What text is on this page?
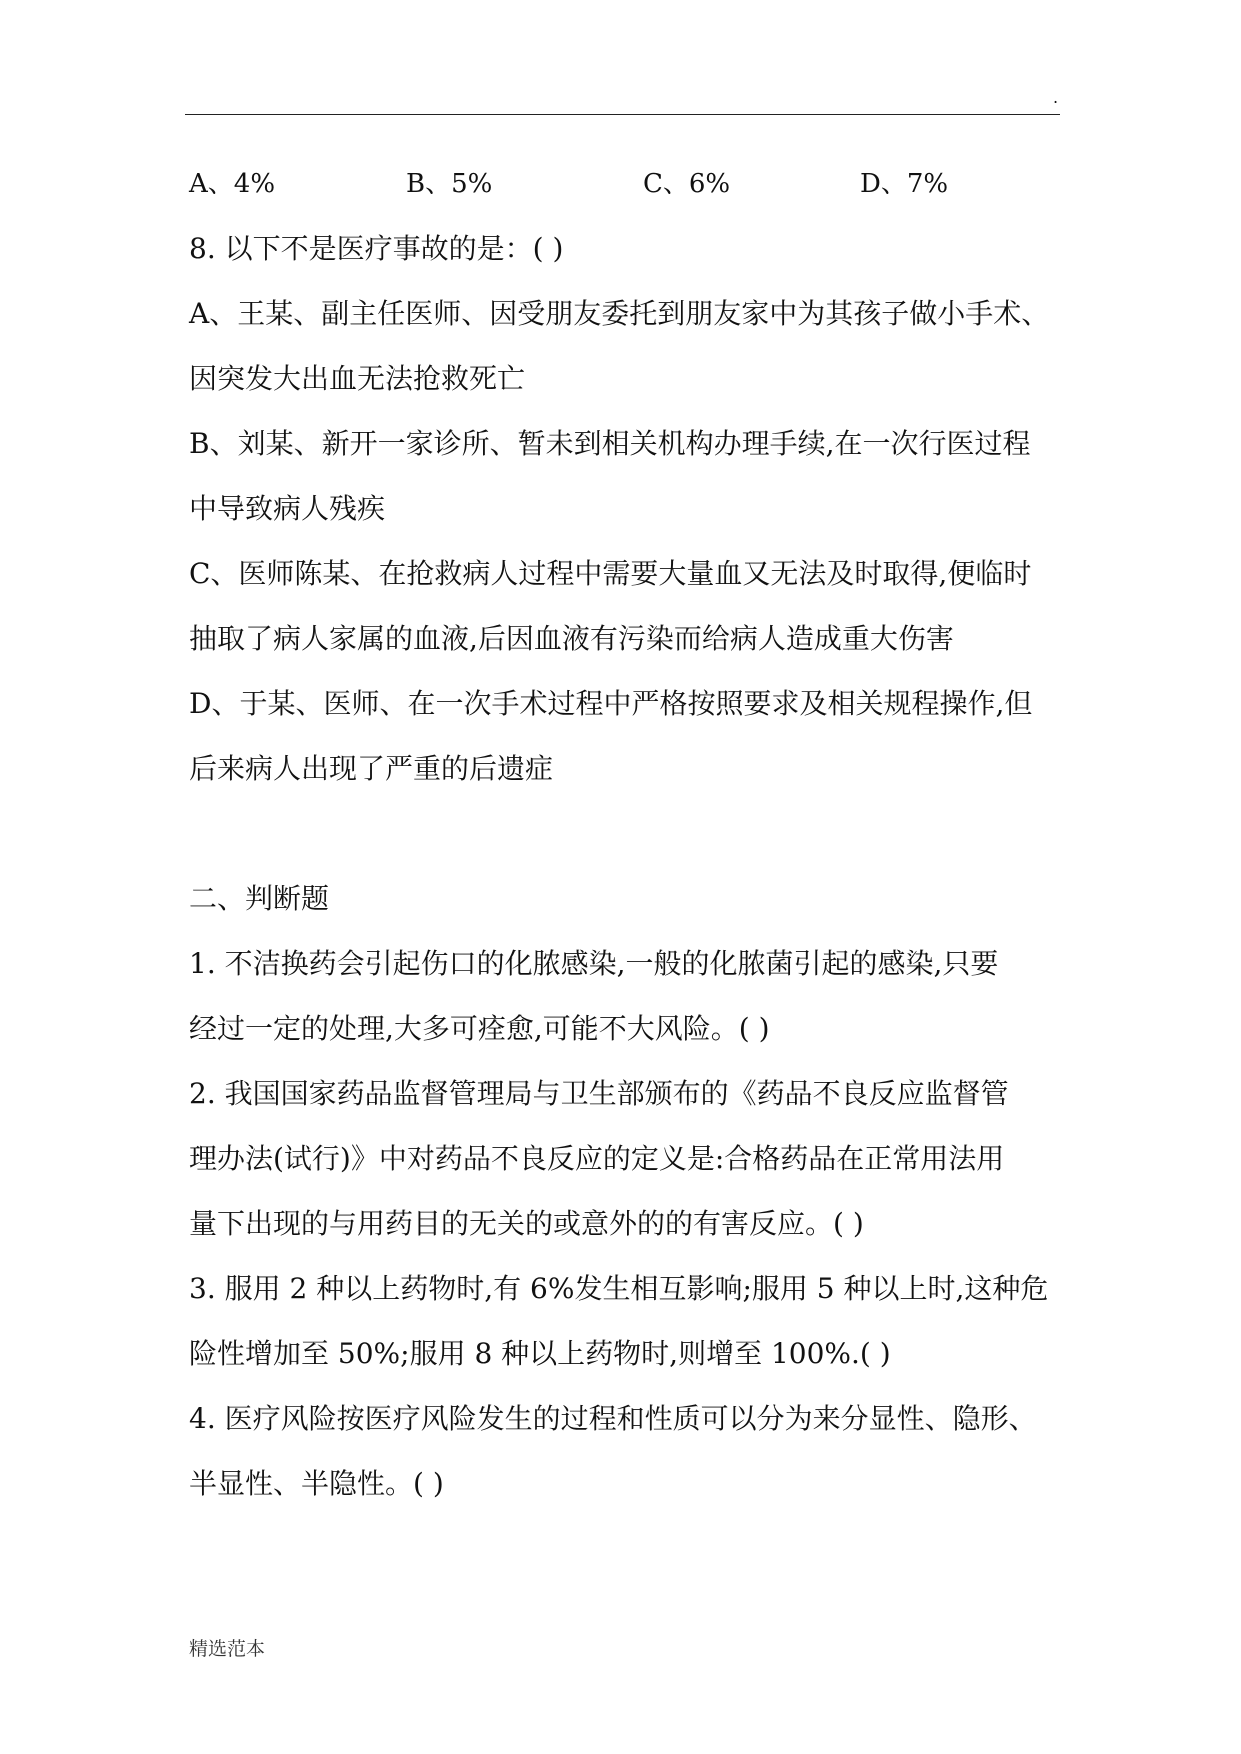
.
A、4%	B、5%	C、6%	D、7%
8. 以下不是医疗事故的是：( )
A、王某、副主任医师、因受朋友委托到朋友家中为其孩子做小手术、
因突发大出血无法抢救死亡
B、刘某、新开一家诊所、暂未到相关机构办理手续,在一次行医过程
中导致病人残疾
C、医师陈某、在抢救病人过程中需要大量血又无法及时取得,便临时
抽取了病人家属的血液,后因血液有污染而给病人造成重大伤害
D、于某、医师、在一次手术过程中严格按照要求及相关规程操作,但
后来病人出现了严重的后遗症
二、判断题
1. 不洁换药会引起伤口的化脓感染,一般的化脓菌引起的感染,只要
经过一定的处理,大多可痊愈,可能不大风险。( )
2. 我国国家药品监督管理局与卫生部颁布的《药品不良反应监督管
理办法(试行)》中对药品不良反应的定义是:合格药品在正常用法用
量下出现的与用药目的无关的或意外的的有害反应。( )
3. 服用 2 种以上药物时,有 6%发生相互影响;服用 5 种以上时,这种危
险性增加至 50%;服用 8 种以上药物时,则增至 100%.( )
4. 医疗风险按医疗风险发生的过程和性质可以分为来分显性、隐形、
半显性、半隐性。( )
精选范本
